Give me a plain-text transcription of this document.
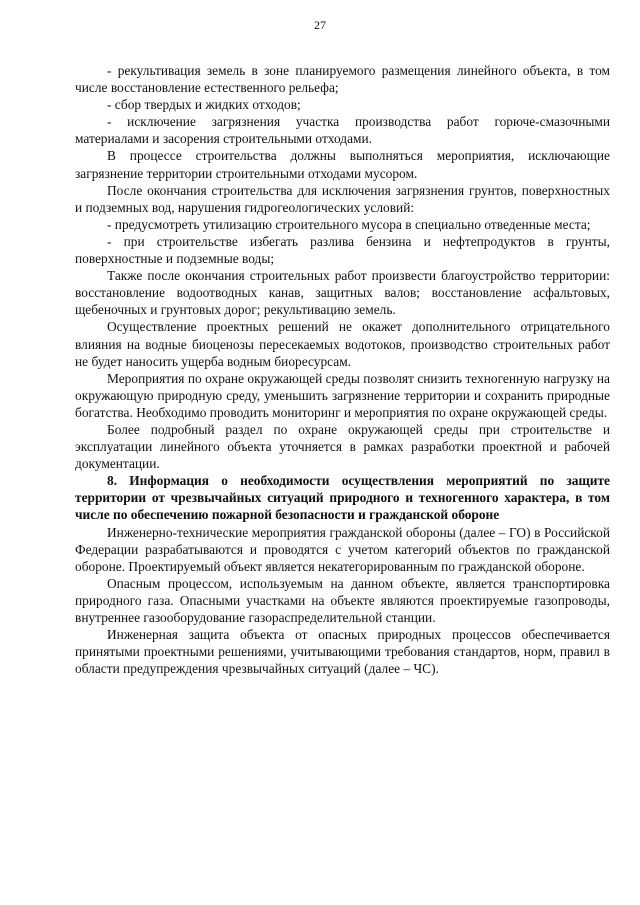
27

- рекультивация земель в зоне планируемого размещения линейного объекта, в том числе восстановление естественного рельефа;

- сбор твердых и жидких отходов;

- исключение загрязнения участка производства работ горюче-смазочными материалами и засорения строительными отходами.

В процессе строительства должны выполняться мероприятия, исключающие загрязнение территории строительными отходами мусором.

После окончания строительства для исключения загрязнения грунтов, поверхностных и подземных вод, нарушения гидрогеологических условий:

- предусмотреть утилизацию строительного мусора в специально отведенные места;

- при строительстве избегать разлива бензина и нефтепродуктов в грунты, поверхностные и подземные воды;

Также после окончания строительных работ произвести благоустройство территории: восстановление водоотводных канав, защитных валов; восстановление асфальтовых, щебеночных и грунтовых дорог; рекультивацию земель.

Осуществление проектных решений не окажет дополнительного отрицательного влияния на водные биоценозы пересекаемых водотоков, производство строительных работ не будет наносить ущерба водным биоресурсам.

Мероприятия по охране окружающей среды позволят снизить техногенную нагрузку на окружающую природную среду, уменьшить загрязнение территории и сохранить природные богатства. Необходимо проводить мониторинг и мероприятия по охране окружающей среды.

Более подробный раздел по охране окружающей среды при строительстве и эксплуатации линейного объекта уточняется в рамках разработки проектной и рабочей документации.

8. Информация о необходимости осуществления мероприятий по защите территории от чрезвычайных ситуаций природного и техногенного характера, в том числе по обеспечению пожарной безопасности и гражданской обороне

Инженерно-технические мероприятия гражданской обороны (далее – ГО) в Российской Федерации разрабатываются и проводятся с учетом категорий объектов по гражданской обороне. Проектируемый объект является некатегорированным по гражданской обороне.

Опасным процессом, используемым на данном объекте, является транспортировка природного газа. Опасными участками на объекте являются проектируемые газопроводы, внутреннее газооборудование газораспределительной станции.

Инженерная защита объекта от опасных природных процессов обеспечивается принятыми проектными решениями, учитывающими требования стандартов, норм, правил в области предупреждения чрезвычайных ситуаций (далее – ЧС).
